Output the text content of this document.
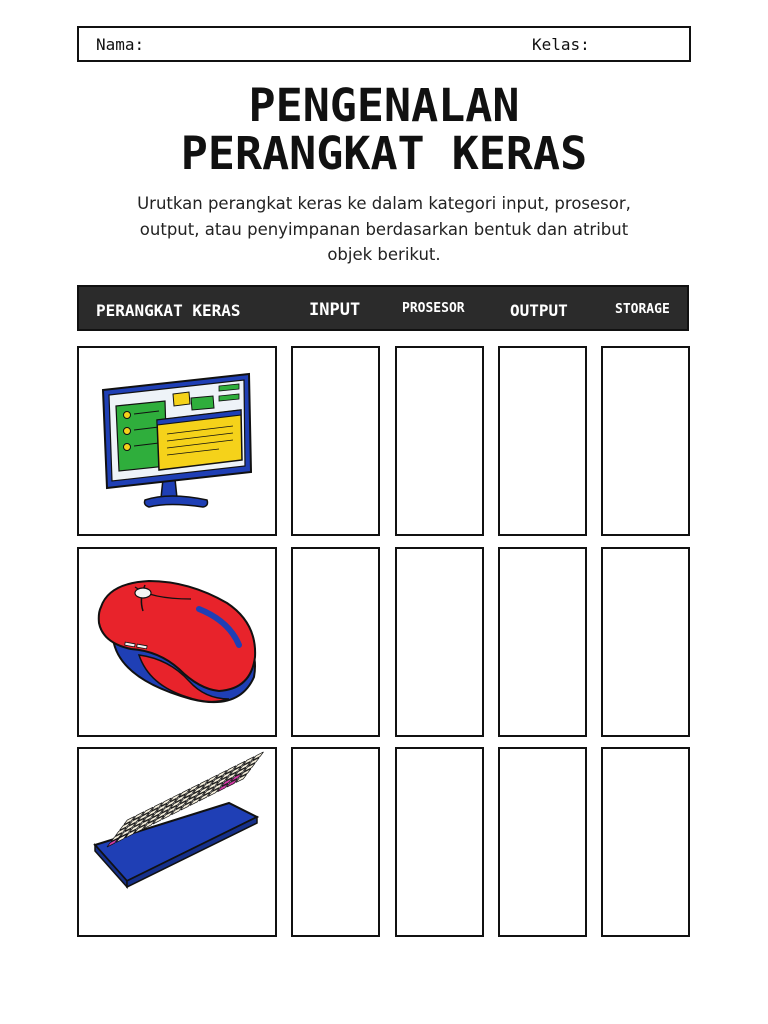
Nama:	Kelas:
PENGENALAN
PERANGKAT KERAS
Urutkan perangkat keras ke dalam kategori input, prosesor, output, atau penyimpanan berdasarkan bentuk dan atribut objek berikut.
PERANGKAT KERAS	INPUT	PROSESOR	OUTPUT	STORAGE
